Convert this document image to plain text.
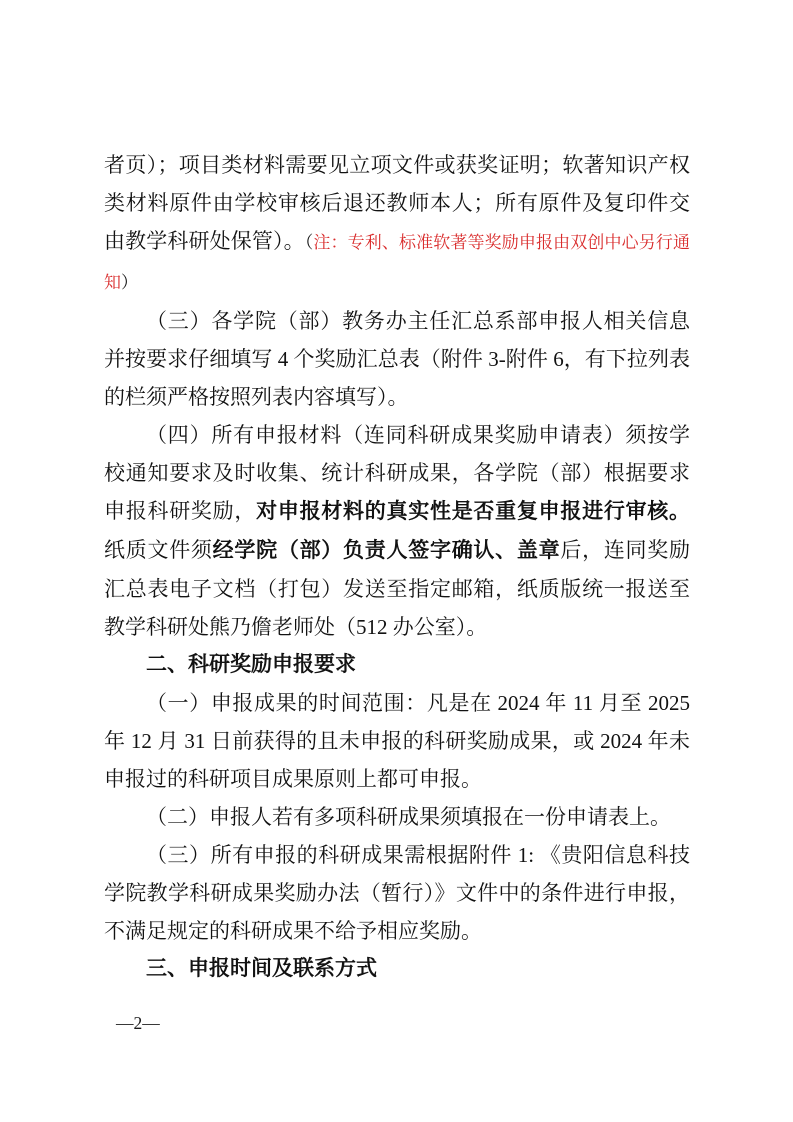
者页）；项目类材料需要见立项文件或获奖证明；软著知识产权类材料原件由学校审核后退还教师本人；所有原件及复印件交由教学科研处保管）。（注：专利、标准软著等奖励申报由双创中心另行通知）

（三）各学院（部）教务办主任汇总系部申报人相关信息并按要求仔细填写 4 个奖励汇总表（附件 3-附件 6，有下拉列表的栏须严格按照列表内容填写）。

（四）所有申报材料（连同科研成果奖励申请表）须按学校通知要求及时收集、统计科研成果，各学院（部）根据要求申报科研奖励，对申报材料的真实性是否重复申报进行审核。纸质文件须经学院（部）负责人签字确认、盖章后，连同奖励汇总表电子文档（打包）发送至指定邮箱，纸质版统一报送至教学科研处熊乃儋老师处（512 办公室）。

二、科研奖励申报要求

（一）申报成果的时间范围：凡是在 2024 年 11 月至 2025 年 12 月 31 日前获得的且未申报的科研奖励成果，或 2024 年未申报过的科研项目成果原则上都可申报。

（二）申报人若有多项科研成果须填报在一份申请表上。

（三）所有申报的科研成果需根据附件 1: 《贵阳信息科技学院教学科研成果奖励办法（暂行）》文件中的条件进行申报，不满足规定的科研成果不给予相应奖励。

三、申报时间及联系方式

—2—
